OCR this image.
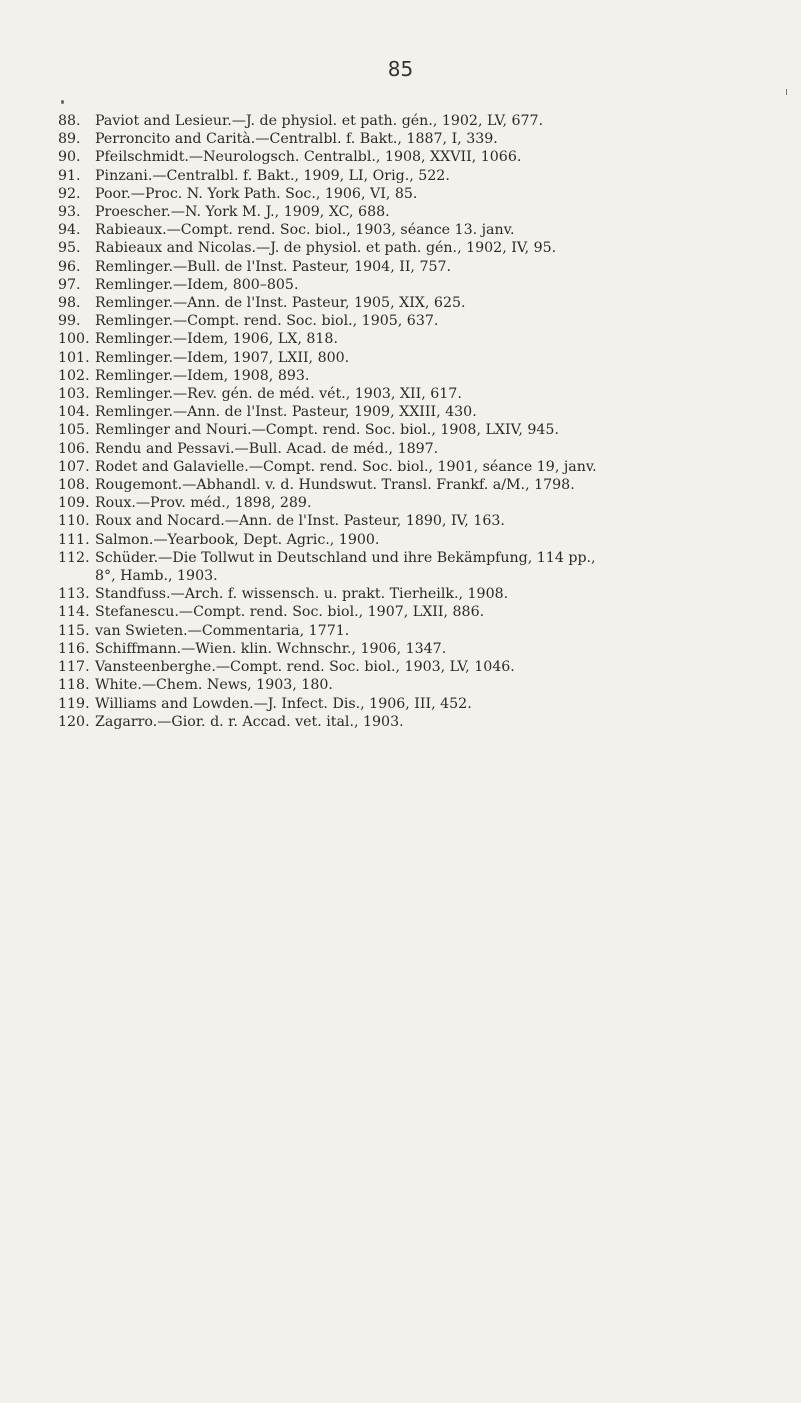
85
88.	Paviot and Lesieur.—J. de physiol. et path. gén., 1902, LV, 677.
89.	Perroncito and Carità.—Centralbl. f. Bakt., 1887, I, 339.
90.	Pfeilschmidt.—Neurologsch. Centralbl., 1908, XXVII, 1066.
91.	Pinzani.—Centralbl. f. Bakt., 1909, LI, Orig., 522.
92.	Poor.—Proc. N. York Path. Soc., 1906, VI, 85.
93.	Proescher.—N. York M. J., 1909, XC, 688.
94.	Rabieaux.—Compt. rend. Soc. biol., 1903, séance 13. janv.
95.	Rabieaux and Nicolas.—J. de physiol. et path. gén., 1902, IV, 95.
96.	Remlinger.—Bull. de l'Inst. Pasteur, 1904, II, 757.
97.	Remlinger.—Idem, 800–805.
98.	Remlinger.—Ann. de l'Inst. Pasteur, 1905, XIX, 625.
99.	Remlinger.—Compt. rend. Soc. biol., 1905, 637.
100. Remlinger.—Idem, 1906, LX, 818.
101. Remlinger.—Idem, 1907, LXII, 800.
102. Remlinger.—Idem, 1908, 893.
103. Remlinger.—Rev. gén. de méd. vét., 1903, XII, 617.
104. Remlinger.—Ann. de l'Inst. Pasteur, 1909, XXIII, 430.
105. Remlinger and Nouri.—Compt. rend. Soc. biol., 1908, LXIV, 945.
106. Rendu and Pessavi.—Bull. Acad. de méd., 1897.
107. Rodet and Galavielle.—Compt. rend. Soc. biol., 1901, séance 19, janv.
108. Rougemont.—Abhandl. v. d. Hundswut. Transl. Frankf. a/M., 1798.
109. Roux.—Prov. méd., 1898, 289.
110. Roux and Nocard.—Ann. de l'Inst. Pasteur, 1890, IV, 163.
111. Salmon.—Yearbook, Dept. Agric., 1900.
112. Schüder.—Die Tollwut in Deutschland und ihre Bekämpfung, 114 pp.,
8°, Hamb., 1903.
113. Standfuss.—Arch. f. wissensch. u. prakt. Tierheilk., 1908.
114. Stefanescu.—Compt. rend. Soc. biol., 1907, LXII, 886.
115. van Swieten.—Commentaria, 1771.
116. Schiffmann.—Wien. klin. Wchnschr., 1906, 1347.
117. Vansteenberghe.—Compt. rend. Soc. biol., 1903, LV, 1046.
118. White.—Chem. News, 1903, 180.
119. Williams and Lowden.—J. Infect. Dis., 1906, III, 452.
120. Zagarro.—Gior. d. r. Accad. vet. ital., 1903.
